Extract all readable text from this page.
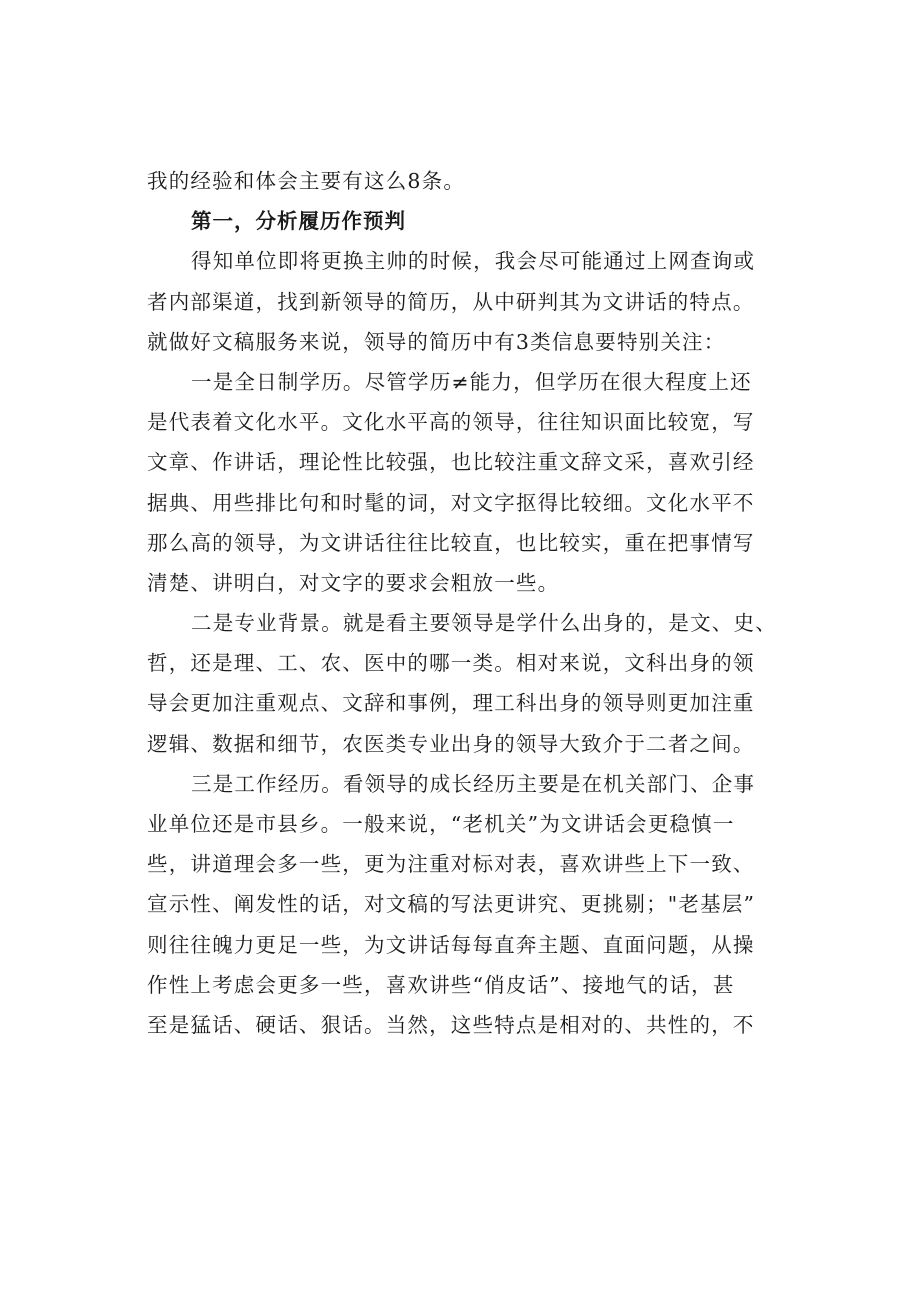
我的经验和体会主要有这么8条。
第一，分析履历作预判
得知单位即将更换主帅的时候，我会尽可能通过上网查询或
者内部渠道，找到新领导的简历，从中研判其为文讲话的特点。
就做好文稿服务来说，领导的简历中有3类信息要特别关注：
一是全日制学历。尽管学历≠能力，但学历在很大程度上还
是代表着文化水平。文化水平高的领导，往往知识面比较宽，写
文章、作讲话，理论性比较强，也比较注重文辞文采，喜欢引经
据典、用些排比句和时髦的词，对文字抠得比较细。文化水平不
那么高的领导，为文讲话往往比较直，也比较实，重在把事情写
清楚、讲明白，对文字的要求会粗放一些。
二是专业背景。就是看主要领导是学什么出身的，是文、史、
哲，还是理、工、农、医中的哪一类。相对来说，文科出身的领
导会更加注重观点、文辞和事例，理工科出身的领导则更加注重
逻辑、数据和细节，农医类专业出身的领导大致介于二者之间。
三是工作经历。看领导的成长经历主要是在机关部门、企事
业单位还是市县乡。一般来说，“老机关”为文讲话会更稳慎一
些，讲道理会多一些，更为注重对标对表，喜欢讲些上下一致、
宣示性、阐发性的话，对文稿的写法更讲究、更挑剔；"老基层”
则往往魄力更足一些，为文讲话每每直奔主题、直面问题，从操
作性上考虑会更多一些，喜欢讲些“俏皮话”、接地气的话，甚
至是猛话、硬话、狠话。当然，这些特点是相对的、共性的，不
